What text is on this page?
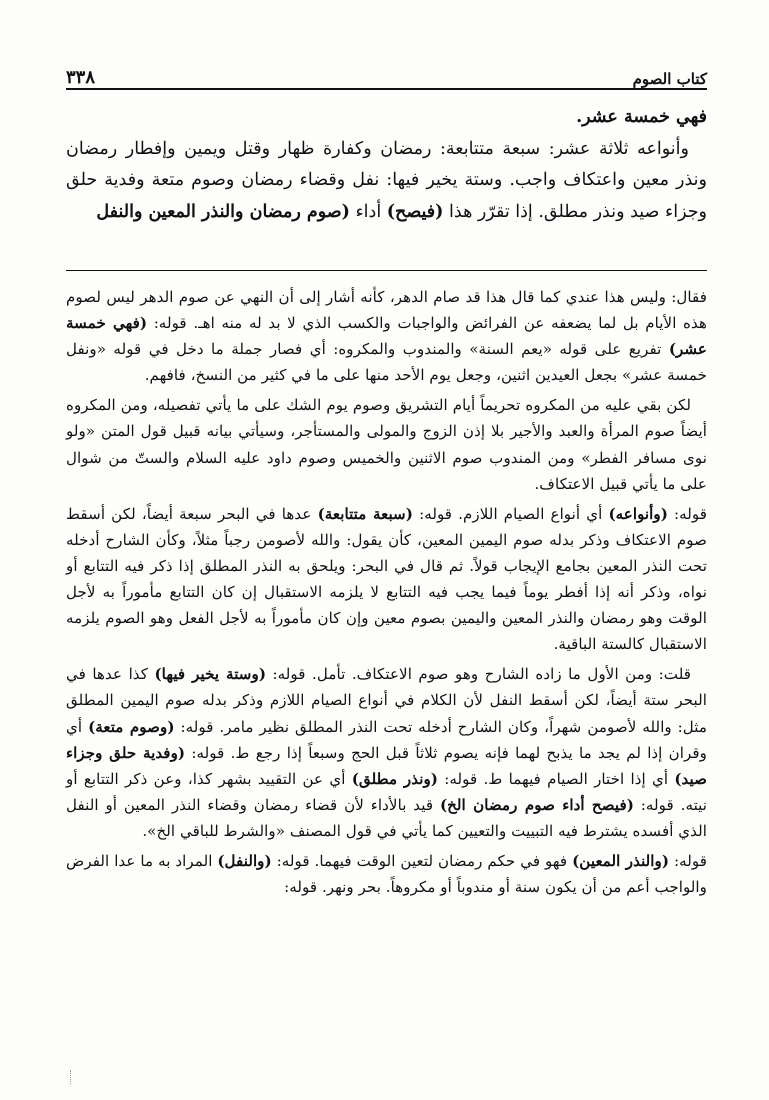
٣٣٨	كتاب الصوم

فهي خمسة عشر.

وأنواعه ثلاثة عشر: سبعة متتابعة: رمضان وكفارة ظهار وقتل ويمين وإفطار رمضان ونذر معين واعتكاف واجب. وستة يخير فيها: نفل وقضاء رمضان وصوم متعة وفدية حلق وجزاء صيد ونذر مطلق. إذا تقرّر هذا (فيصح) أداء (صوم رمضان والنذر المعين والنفل

فقال: وليس هذا عندي كما قال هذا قد صام الدهر، كأنه أشار إلى أن النهي عن صوم الدهر ليس لصوم هذه الأيام بل لما يضعفه عن الفرائض والواجبات والكسب الذي لا بد له منه اهـ. قوله: (فهي خمسة عشر) تفريع على قوله «يعم السنة» والمندوب والمكروه: أي فصار جملة ما دخل في قوله «ونفل خمسة عشر» بجعل العيدين اثنين، وجعل يوم الأحد منها على ما في كثير من النسخ، فافهم.

لكن بقي عليه من المكروه تحريماً أيام التشريق وصوم يوم الشك على ما يأتي تفصيله، ومن المكروه أيضاً صوم المرأة والعبد والأجير بلا إذن الزوج والمولى والمستأجر، وسيأتي بيانه قبيل قول المتن «ولو نوى مسافر الفطر» ومن المندوب صوم الاثنين والخميس وصوم داود عليه السلام والستّ من شوال على ما يأتي قبيل الاعتكاف.

قوله: (وأنواعه) أي أنواع الصيام اللازم. قوله: (سبعة متتابعة) عدها في البحر سبعة أيضاً، لكن أسقط صوم الاعتكاف وذكر بدله صوم اليمين المعين، كأن يقول: والله لأصومن رجباً مثلاً، وكأن الشارح أدخله تحت النذر المعين بجامع الإيجاب قولاً. ثم قال في البحر: ويلحق به النذر المطلق إذا ذكر فيه التتابع أو نواه، وذكر أنه إذا أفطر يوماً فيما يجب فيه التتابع لا يلزمه الاستقبال إن كان التتابع مأموراً به لأجل الوقت وهو رمضان والنذر المعين واليمين بصوم معين وإن كان مأموراً به لأجل الفعل وهو الصوم يلزمه الاستقبال كالستة الباقية.

قلت: ومن الأول ما زاده الشارح وهو صوم الاعتكاف. تأمل. قوله: (وستة يخير فيها) كذا عدها في البحر ستة أيضاً، لكن أسقط النفل لأن الكلام في أنواع الصيام اللازم وذكر بدله صوم اليمين المطلق مثل: والله لأصومن شهراً، وكان الشارح أدخله تحت النذر المطلق نظير مامر. قوله: (وصوم متعة) أي وقران إذا لم يجد ما يذبح لهما فإنه يصوم ثلاثاً قبل الحج وسبعاً إذا رجع ط. قوله: (وفدية حلق وجزاء صيد) أي إذا اختار الصيام فيهما ط. قوله: (ونذر مطلق) أي عن التقييد بشهر كذا، وعن ذكر التتابع أو نيته. قوله: (فيصح أداء صوم رمضان الخ) قيد بالأداء لأن قضاء رمضان وقضاء النذر المعين أو النفل الذي أفسده يشترط فيه التبييت والتعيين كما يأتي في قول المصنف «والشرط للباقي الخ».

قوله: (والنذر المعين) فهو في حكم رمضان لتعين الوقت فيهما. قوله: (والنفل) المراد به ما عدا الفرض والواجب أعم من أن يكون سنة أو مندوباً أو مكروهاً. بحر ونهر. قوله:
